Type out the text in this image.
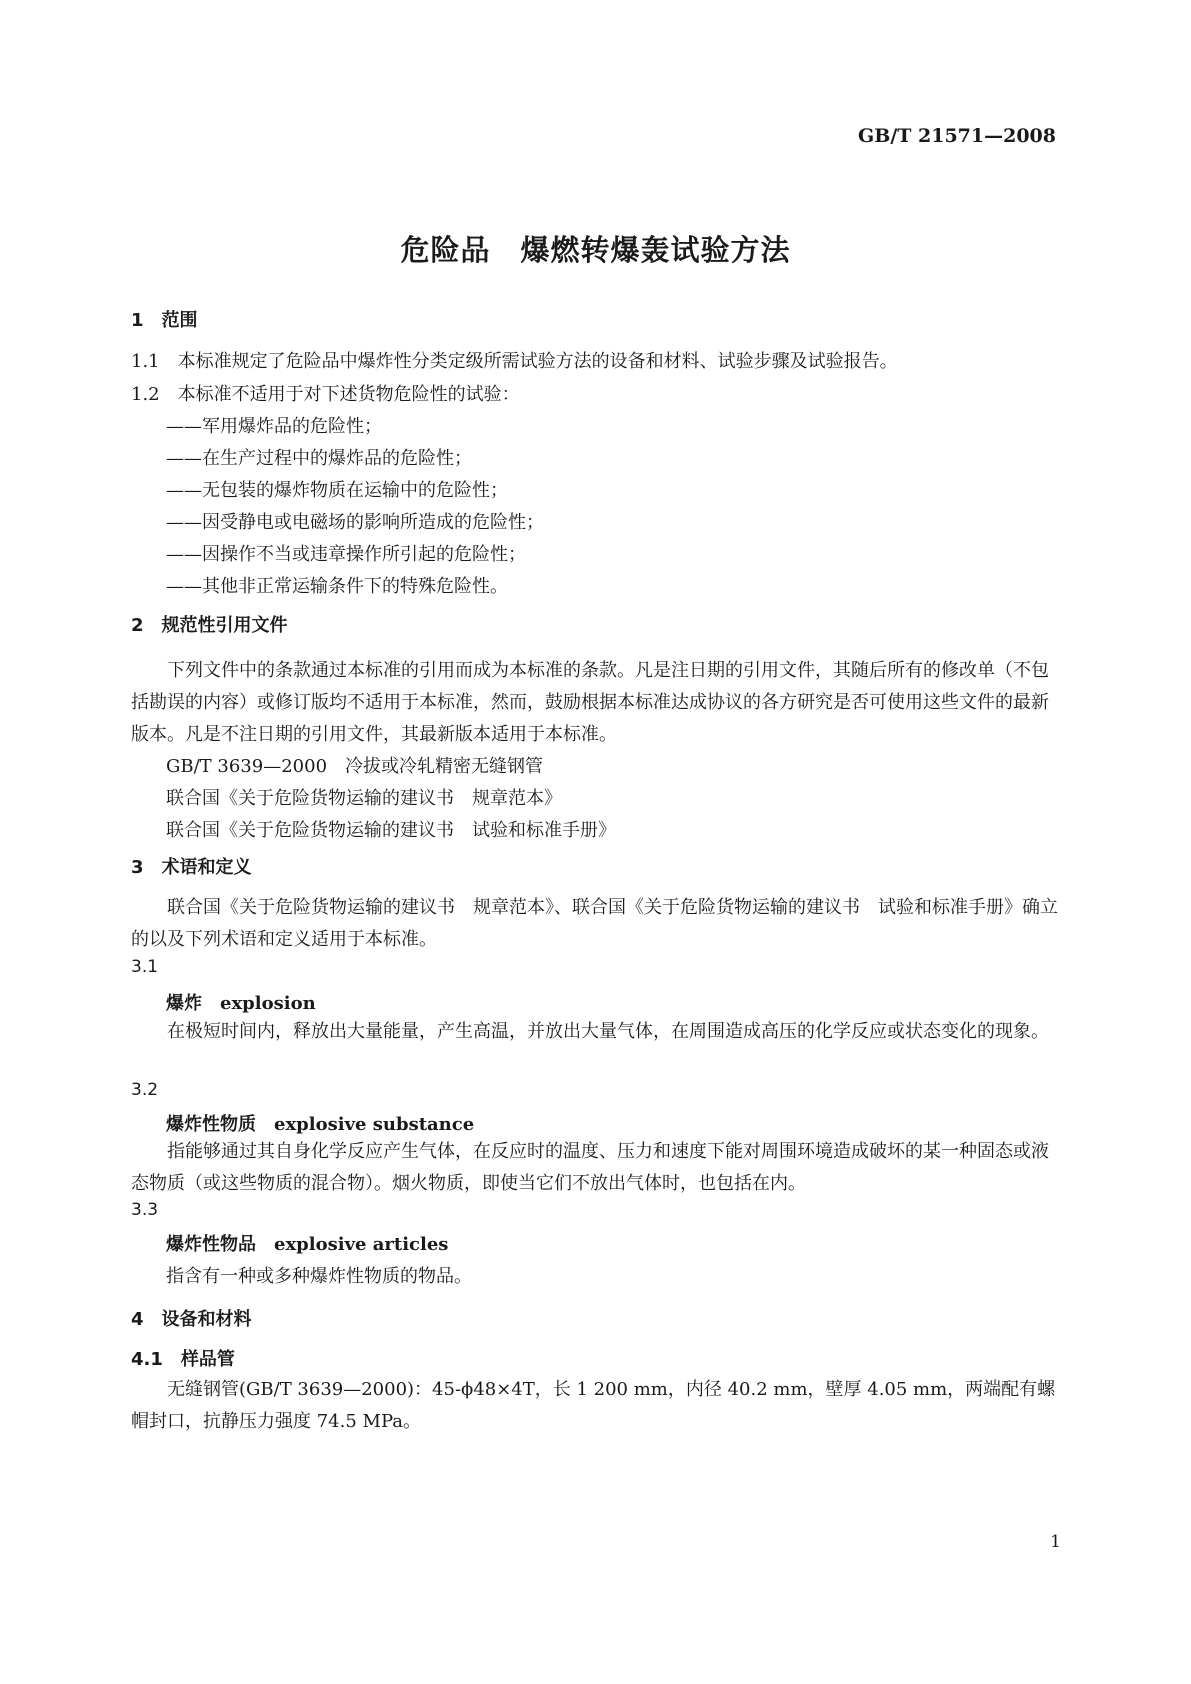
GB/T 21571—2008
危险品　爆燃转爆轰试验方法
1　范围
1.1　本标准规定了危险品中爆炸性分类定级所需试验方法的设备和材料、试验步骤及试验报告。
1.2　本标准不适用于对下述货物危险性的试验：
——军用爆炸品的危险性；
——在生产过程中的爆炸品的危险性；
——无包装的爆炸物质在运输中的危险性；
——因受静电或电磁场的影响所造成的危险性；
——因操作不当或违章操作所引起的危险性；
——其他非正常运输条件下的特殊危险性。
2　规范性引用文件
下列文件中的条款通过本标准的引用而成为本标准的条款。凡是注日期的引用文件，其随后所有的修改单（不包括勘误的内容）或修订版均不适用于本标准，然而，鼓励根据本标准达成协议的各方研究是否可使用这些文件的最新版本。凡是不注日期的引用文件，其最新版本适用于本标准。
GB/T 3639—2000　冷拔或冷轧精密无缝钢管
联合国《关于危险货物运输的建议书　规章范本》
联合国《关于危险货物运输的建议书　试验和标准手册》
3　术语和定义
联合国《关于危险货物运输的建议书　规章范本》、联合国《关于危险货物运输的建议书　试验和标准手册》确立的以及下列术语和定义适用于本标准。
3.1
爆炸　explosion
在极短时间内，释放出大量能量，产生高温，并放出大量气体，在周围造成高压的化学反应或状态变化的现象。
3.2
爆炸性物质　explosive substance
指能够通过其自身化学反应产生气体，在反应时的温度、压力和速度下能对周围环境造成破坏的某一种固态或液态物质（或这些物质的混合物）。烟火物质，即使当它们不放出气体时，也包括在内。
3.3
爆炸性物品　explosive articles
指含有一种或多种爆炸性物质的物品。
4　设备和材料
4.1　样品管
无缝钢管(GB/T 3639—2000)：45-ϕ48×4T，长 1 200 mm，内径 40.2 mm，壁厚 4.05 mm，两端配有螺帽封口，抗静压力强度 74.5 MPa。
1
